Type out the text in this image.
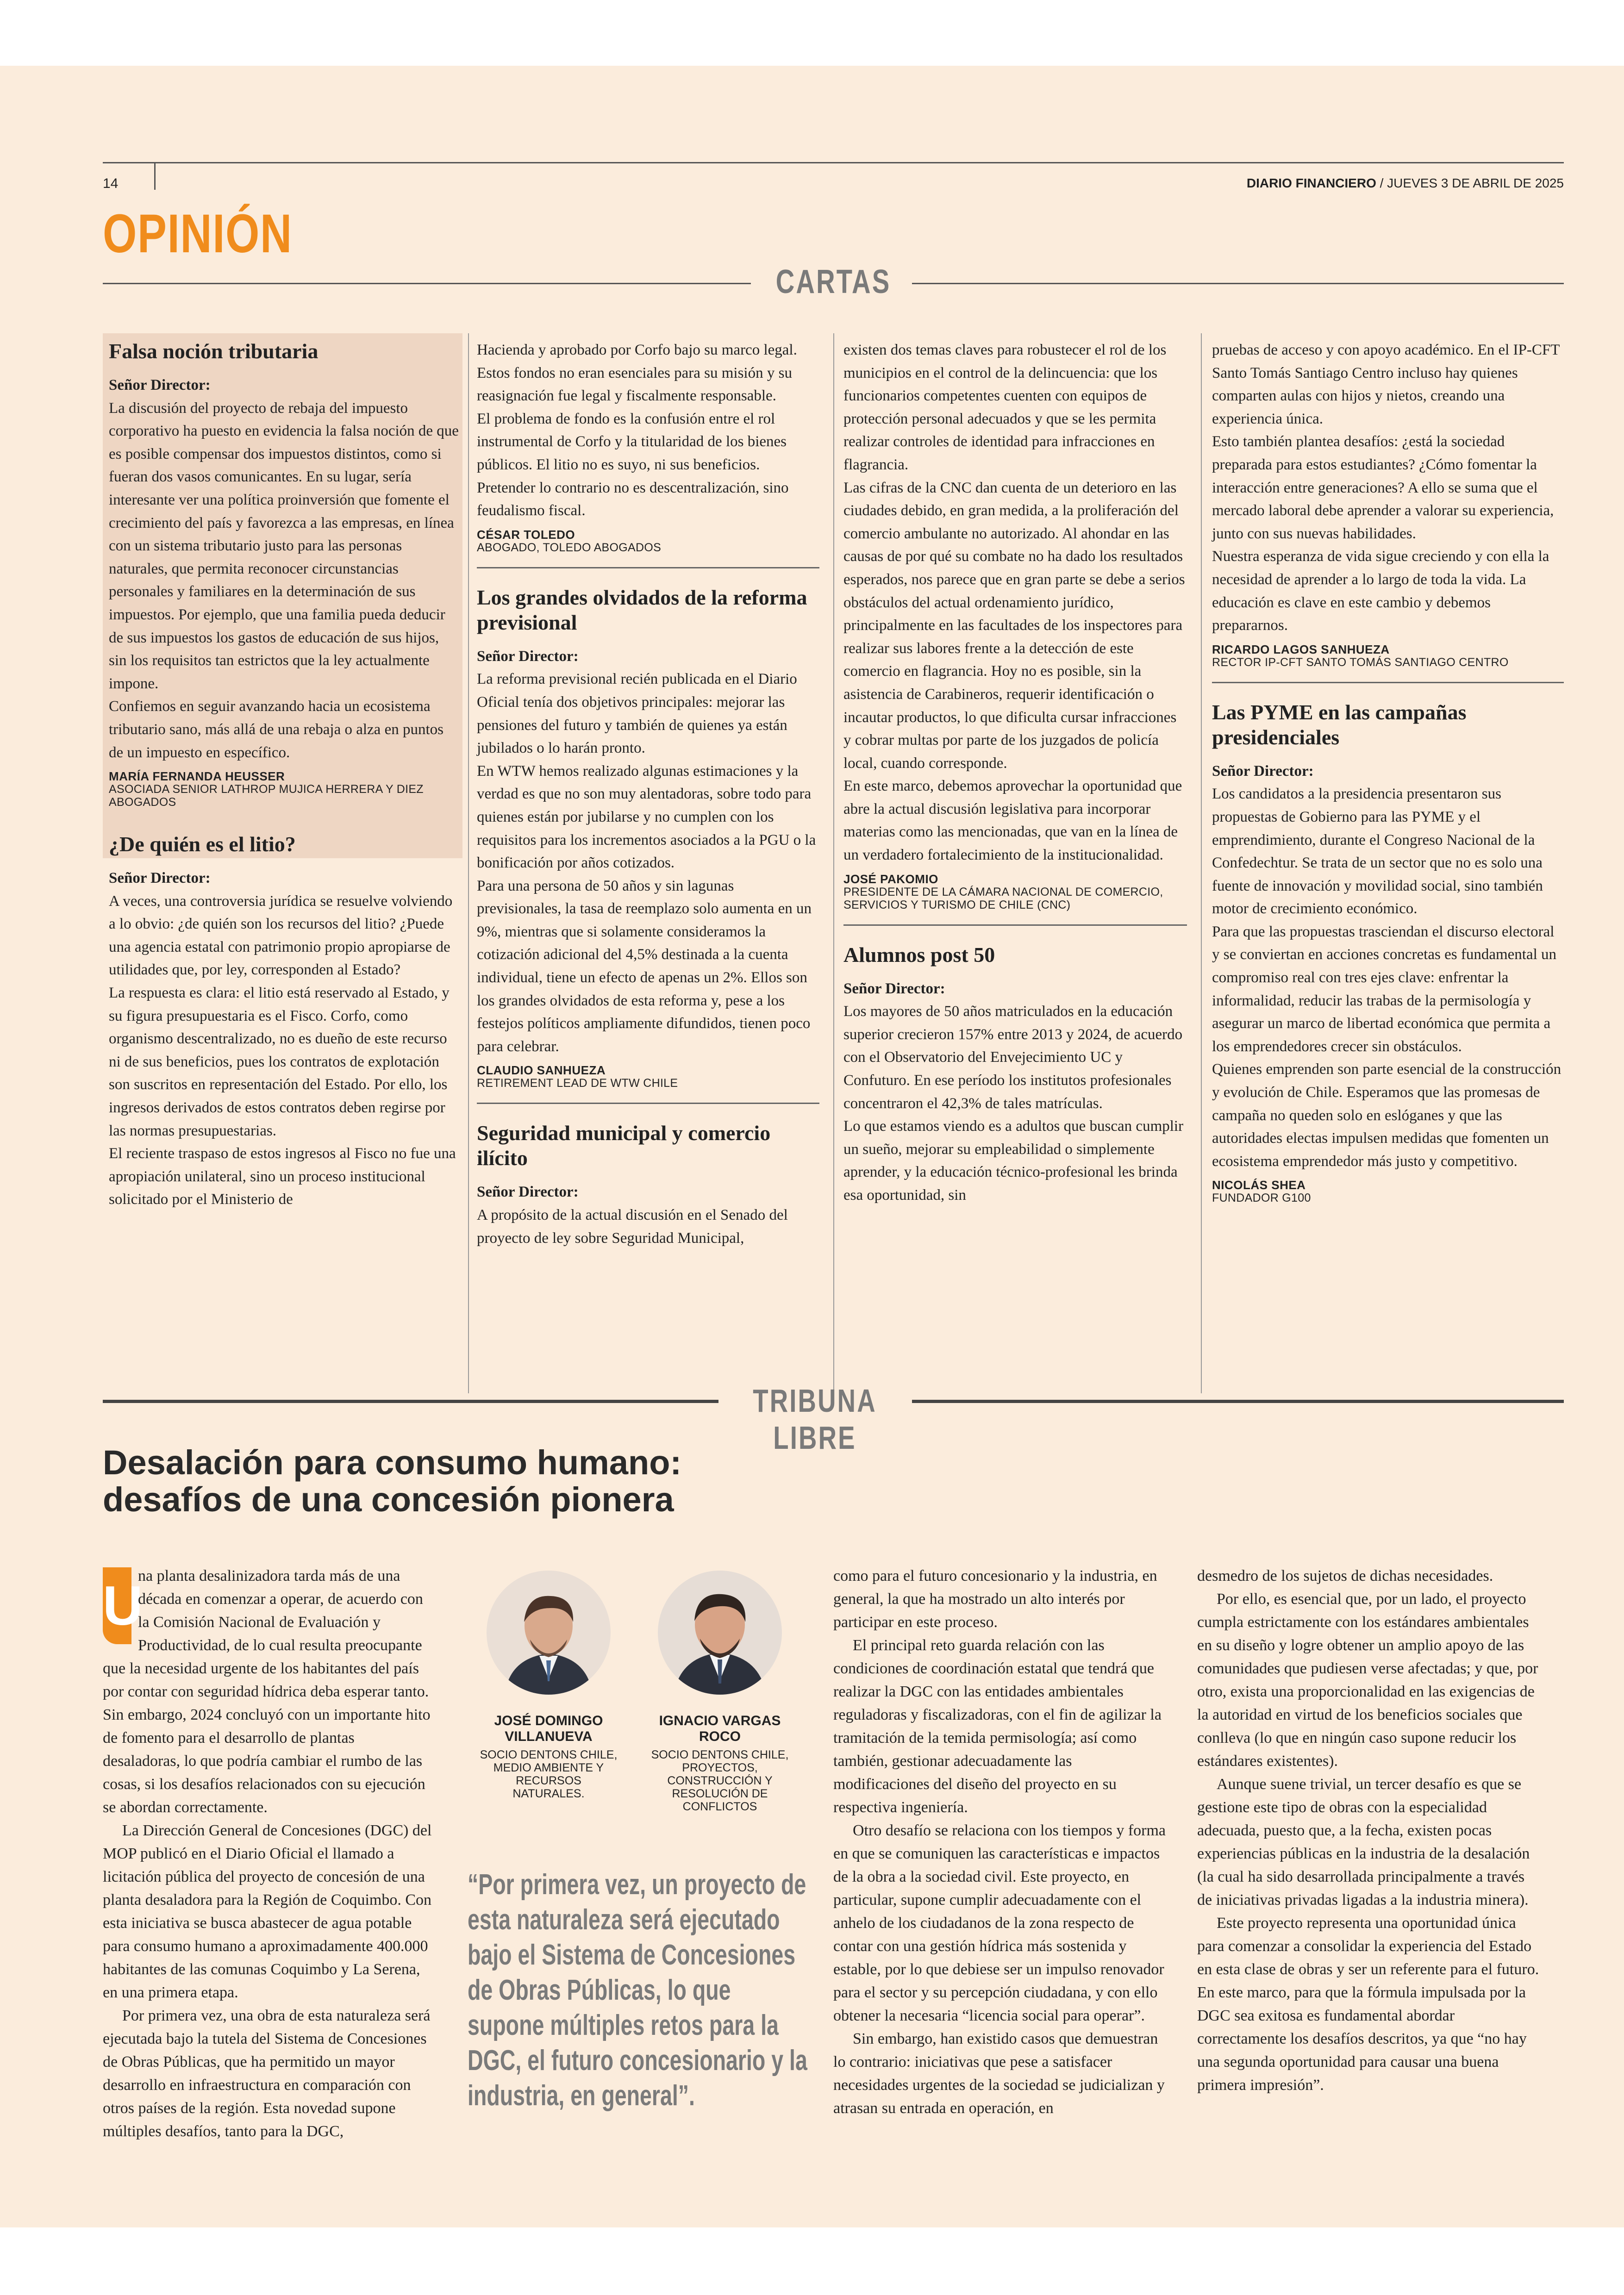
14	DIARIO FINANCIERO / JUEVES 3 DE ABRIL DE 2025
OPINIÓN
CARTAS
Falsa noción tributaria

Señor Director:

La discusión del proyecto de rebaja del impuesto corporativo ha puesto en evidencia la falsa noción de que es posible compensar dos impuestos distintos, como si fueran dos vasos comunicantes. En su lugar, sería interesante ver una política proinversión que fomente el crecimiento del país y favorezca a las empresas, en línea con un sistema tributario justo para las personas naturales, que permita reconocer circunstancias personales y familiares en la determinación de sus impuestos. Por ejemplo, que una familia pueda deducir de sus impuestos los gastos de educación de sus hijos, sin los requisitos tan estrictos que la ley actualmente impone.

Confiemos en seguir avanzando hacia un ecosistema tributario sano, más allá de una rebaja o alza en puntos de un impuesto en específico.

MARÍA FERNANDA HEUSSER
ASOCIADA SENIOR LATHROP MUJICA HERRERA Y DIEZ ABOGADOS
¿De quién es el litio?

Señor Director:

A veces, una controversia jurídica se resuelve volviendo a lo obvio: ¿de quién son los recursos del litio? ¿Puede una agencia estatal con patrimonio propio apropiarse de utilidades que, por ley, corresponden al Estado?

La respuesta es clara: el litio está reservado al Estado, y su figura presupuestaria es el Fisco. Corfo, como organismo descentralizado, no es dueño de este recurso ni de sus beneficios, pues los contratos de explotación son suscritos en representación del Estado. Por ello, los ingresos derivados de estos contratos deben regirse por las normas presupuestarias.

El reciente traspaso de estos ingresos al Fisco no fue una apropiación unilateral, sino un proceso institucional solicitado por el Ministerio de

Hacienda y aprobado por Corfo bajo su marco legal. Estos fondos no eran esenciales para su misión y su reasignación fue legal y fiscalmente responsable.

El problema de fondo es la confusión entre el rol instrumental de Corfo y la titularidad de los bienes públicos. El litio no es suyo, ni sus beneficios. Pretender lo contrario no es descentralización, sino feudalismo fiscal.

CÉSAR TOLEDO
ABOGADO, TOLEDO ABOGADOS
Los grandes olvidados de la reforma previsional

Señor Director:

La reforma previsional recién publicada en el Diario Oficial tenía dos objetivos principales: mejorar las pensiones del futuro y también de quienes ya están jubilados o lo harán pronto.

En WTW hemos realizado algunas estimaciones y la verdad es que no son muy alentadoras, sobre todo para quienes están por jubilarse y no cumplen con los requisitos para los incrementos asociados a la PGU o la bonificación por años cotizados.

Para una persona de 50 años y sin lagunas previsionales, la tasa de reemplazo solo aumenta en un 9%, mientras que si solamente consideramos la cotización adicional del 4,5% destinada a la cuenta individual, tiene un efecto de apenas un 2%. Ellos son los grandes olvidados de esta reforma y, pese a los festejos políticos ampliamente difundidos, tienen poco para celebrar.

CLAUDIO SANHUEZA
RETIREMENT LEAD DE WTW CHILE
Seguridad municipal y comercio ilícito

Señor Director:

A propósito de la actual discusión en el Senado del proyecto de ley sobre Seguridad Municipal,

existen dos temas claves para robustecer el rol de los municipios en el control de la delincuencia: que los funcionarios competentes cuenten con equipos de protección personal adecuados y que se les permita realizar controles de identidad para infracciones en flagrancia.

Las cifras de la CNC dan cuenta de un deterioro en las ciudades debido, en gran medida, a la proliferación del comercio ambulante no autorizado. Al ahondar en las causas de por qué su combate no ha dado los resultados esperados, nos parece que en gran parte se debe a serios obstáculos del actual ordenamiento jurídico, principalmente en las facultades de los inspectores para realizar sus labores frente a la detección de este comercio en flagrancia. Hoy no es posible, sin la asistencia de Carabineros, requerir identificación o incautar productos, lo que dificulta cursar infracciones y cobrar multas por parte de los juzgados de policía local, cuando corresponde.

En este marco, debemos aprovechar la oportunidad que abre la actual discusión legislativa para incorporar materias como las mencionadas, que van en la línea de un verdadero fortalecimiento de la institucionalidad.

JOSÉ PAKOMIO
PRESIDENTE DE LA CÁMARA NACIONAL DE COMERCIO, SERVICIOS Y TURISMO DE CHILE (CNC)
Alumnos post 50

Señor Director:

Los mayores de 50 años matriculados en la educación superior crecieron 157% entre 2013 y 2024, de acuerdo con el Observatorio del Envejecimiento UC y Confuturo. En ese período los institutos profesionales concentraron el 42,3% de tales matrículas.

Lo que estamos viendo es a adultos que buscan cumplir un sueño, mejorar su empleabilidad o simplemente aprender, y la educación técnico-profesional les brinda esa oportunidad, sin

pruebas de acceso y con apoyo académico. En el IP-CFT Santo Tomás Santiago Centro incluso hay quienes comparten aulas con hijos y nietos, creando una experiencia única.

Esto también plantea desafíos: ¿está la sociedad preparada para estos estudiantes? ¿Cómo fomentar la interacción entre generaciones? A ello se suma que el mercado laboral debe aprender a valorar su experiencia, junto con sus nuevas habilidades.

Nuestra esperanza de vida sigue creciendo y con ella la necesidad de aprender a lo largo de toda la vida. La educación es clave en este cambio y debemos prepararnos.

RICARDO LAGOS SANHUEZA
RECTOR IP-CFT SANTO TOMÁS SANTIAGO CENTRO
Las PYME en las campañas presidenciales

Señor Director:

Los candidatos a la presidencia presentaron sus propuestas de Gobierno para las PYME y el emprendimiento, durante el Congreso Nacional de la Confedechtur. Se trata de un sector que no es solo una fuente de innovación y movilidad social, sino también motor de crecimiento económico.

Para que las propuestas trasciendan el discurso electoral y se conviertan en acciones concretas es fundamental un compromiso real con tres ejes clave: enfrentar la informalidad, reducir las trabas de la permisología y asegurar un marco de libertad económica que permita a los emprendedores crecer sin obstáculos.

Quienes emprenden son parte esencial de la construcción y evolución de Chile. Esperamos que las promesas de campaña no queden solo en eslóganes y que las autoridades electas impulsen medidas que fomenten un ecosistema emprendedor más justo y competitivo.

NICOLÁS SHEA
FUNDADOR G100
TRIBUNA LIBRE
Desalación para consumo humano:
desafíos de una concesión pionera

U
na planta desalinizadora tarda más de una década en comenzar a operar, de acuerdo con la Comisión Nacional de Evaluación y Productividad, de lo cual resulta preocupante que la necesidad urgente de los habitantes del país por contar con seguridad hídrica deba esperar tanto. Sin embargo, 2024 concluyó con un importante hito de fomento para el desarrollo de plantas desaladoras, lo que podría cambiar el rumbo de las cosas, si los desafíos relacionados con su ejecución se abordan correctamente.

La Dirección General de Concesiones (DGC) del MOP publicó en el Diario Oficial el llamado a licitación pública del proyecto de concesión de una planta desaladora para la Región de Coquimbo. Con esta iniciativa se busca abastecer de agua potable para consumo humano a aproximadamente 400.000 habitantes de las comunas Coquimbo y La Serena, en una primera etapa.

Por primera vez, una obra de esta naturaleza será ejecutada bajo la tutela del Sistema de Concesiones de Obras Públicas, que ha permitido un mayor desarrollo en infraestructura en comparación con otros países de la región. Esta novedad supone múltiples desafíos, tanto para la DGC,

JOSÉ DOMINGO VILLANUEVA
SOCIO DENTONS CHILE, MEDIO AMBIENTE Y RECURSOS NATURALES.
IGNACIO VARGAS ROCO
SOCIO DENTONS CHILE, PROYECTOS, CONSTRUCCIÓN Y RESOLUCIÓN DE CONFLICTOS
“Por primera vez, un proyecto de esta naturaleza será ejecutado bajo el Sistema de Concesiones de Obras Públicas, lo que supone múltiples retos para la DGC, el futuro concesionario y la industria, en general”.

como para el futuro concesionario y la industria, en general, la que ha mostrado un alto interés por participar en este proceso.

El principal reto guarda relación con las condiciones de coordinación estatal que tendrá que realizar la DGC con las entidades ambientales reguladoras y fiscalizadoras, con el fin de agilizar la tramitación de la temida permisología; así como también, gestionar adecuadamente las modificaciones del diseño del proyecto en su respectiva ingeniería.

Otro desafío se relaciona con los tiempos y forma en que se comuniquen las características e impactos de la obra a la sociedad civil. Este proyecto, en particular, supone cumplir adecuadamente con el anhelo de los ciudadanos de la zona respecto de contar con una gestión hídrica más sostenida y estable, por lo que debiese ser un impulso renovador para el sector y su percepción ciudadana, y con ello obtener la necesaria “licencia social para operar”.

Sin embargo, han existido casos que demuestran lo contrario: iniciativas que pese a satisfacer necesidades urgentes de la sociedad se judicializan y atrasan su entrada en operación, en

desmedro de los sujetos de dichas necesidades.

Por ello, es esencial que, por un lado, el proyecto cumpla estrictamente con los estándares ambientales en su diseño y logre obtener un amplio apoyo de las comunidades que pudiesen verse afectadas; y que, por otro, exista una proporcionalidad en las exigencias de la autoridad en virtud de los beneficios sociales que conlleva (lo que en ningún caso supone reducir los estándares existentes).

Aunque suene trivial, un tercer desafío es que se gestione este tipo de obras con la especialidad adecuada, puesto que, a la fecha, existen pocas experiencias públicas en la industria de la desalación (la cual ha sido desarrollada principalmente a través de iniciativas privadas ligadas a la industria minera).

Este proyecto representa una oportunidad única para comenzar a consolidar la experiencia del Estado en esta clase de obras y ser un referente para el futuro. En este marco, para que la fórmula impulsada por la DGC sea exitosa es fundamental abordar correctamente los desafíos descritos, ya que “no hay una segunda oportunidad para causar una buena primera impresión”.
